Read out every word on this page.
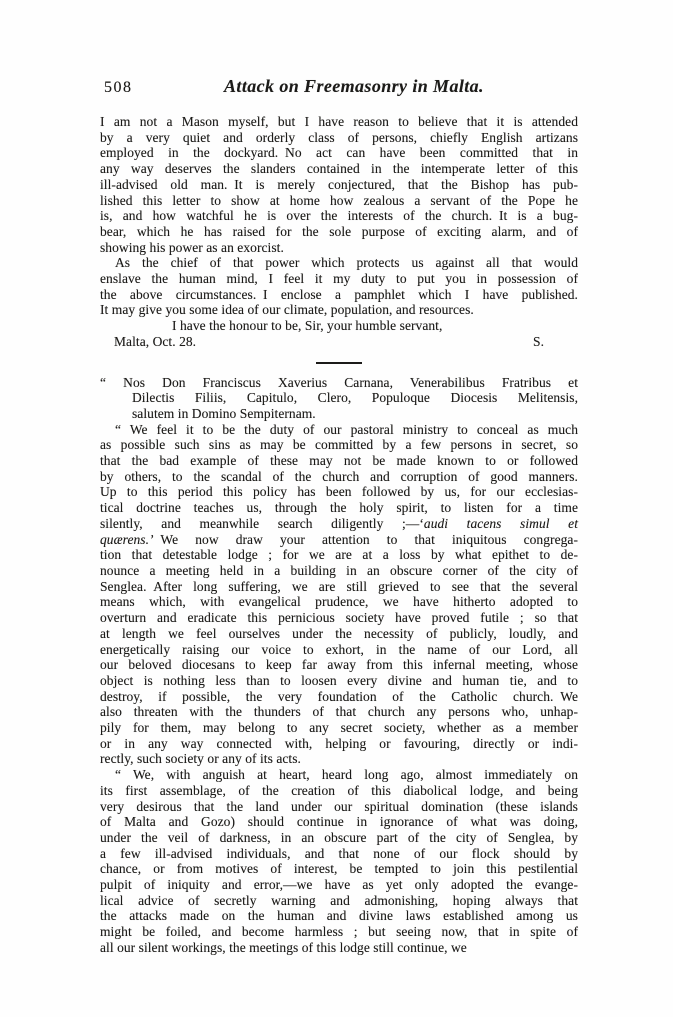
508	Attack on Freemasonry in Malta.
I am not a Mason myself, but I have reason to believe that it is attended
by a very quiet and orderly class of persons, chiefly English artizans
employed in the dockyard. No act can have been committed that in
any way deserves the slanders contained in the intemperate letter of this
ill-advised old man. It is merely conjectured, that the Bishop has pub-
lished this letter to show at home how zealous a servant of the Pope he
is, and how watchful he is over the interests of the church. It is a bug-
bear, which he has raised for the sole purpose of exciting alarm, and of
showing his power as an exorcist.
As the chief of that power which protects us against all that would
enslave the human mind, I feel it my duty to put you in possession of
the above circumstances. I enclose a pamphlet which I have published.
It may give you some idea of our climate, population, and resources.
I have the honour to be, Sir, your humble servant,
Malta, Oct. 28.	S.
“ Nos Don Franciscus Xaverius Carnana, Venerabilibus Fratribus et
Dilectis Filiis, Capitulo, Clero, Populoque Diocesis Melitensis,
salutem in Domino Sempiternam.
“ We feel it to be the duty of our pastoral ministry to conceal as much
as possible such sins as may be committed by a few persons in secret, so
that the bad example of these may not be made known to or followed
by others, to the scandal of the church and corruption of good manners.
Up to this period this policy has been followed by us, for our ecclesias-
tical doctrine teaches us, through the holy spirit, to listen for a time
silently, and meanwhile search diligently ;—‘audi tacens simul et
quærens.’ We now draw your attention to that iniquitous congrega-
tion that detestable lodge ; for we are at a loss by what epithet to de-
nounce a meeting held in a building in an obscure corner of the city of
Senglea. After long suffering, we are still grieved to see that the several
means which, with evangelical prudence, we have hitherto adopted to
overturn and eradicate this pernicious society have proved futile ; so that
at length we feel ourselves under the necessity of publicly, loudly, and
energetically raising our voice to exhort, in the name of our Lord, all
our beloved diocesans to keep far away from this infernal meeting, whose
object is nothing less than to loosen every divine and human tie, and to
destroy, if possible, the very foundation of the Catholic church. We
also threaten with the thunders of that church any persons who, unhap-
pily for them, may belong to any secret society, whether as a member
or in any way connected with, helping or favouring, directly or indi-
rectly, such society or any of its acts.
“ We, with anguish at heart, heard long ago, almost immediately on
its first assemblage, of the creation of this diabolical lodge, and being
very desirous that the land under our spiritual domination (these islands
of Malta and Gozo) should continue in ignorance of what was doing,
under the veil of darkness, in an obscure part of the city of Senglea, by
a few ill-advised individuals, and that none of our flock should by
chance, or from motives of interest, be tempted to join this pestilential
pulpit of iniquity and error,—we have as yet only adopted the evange-
lical advice of secretly warning and admonishing, hoping always that
the attacks made on the human and divine laws established among us
might be foiled, and become harmless ; but seeing now, that in spite of
all our silent workings, the meetings of this lodge still continue, we
